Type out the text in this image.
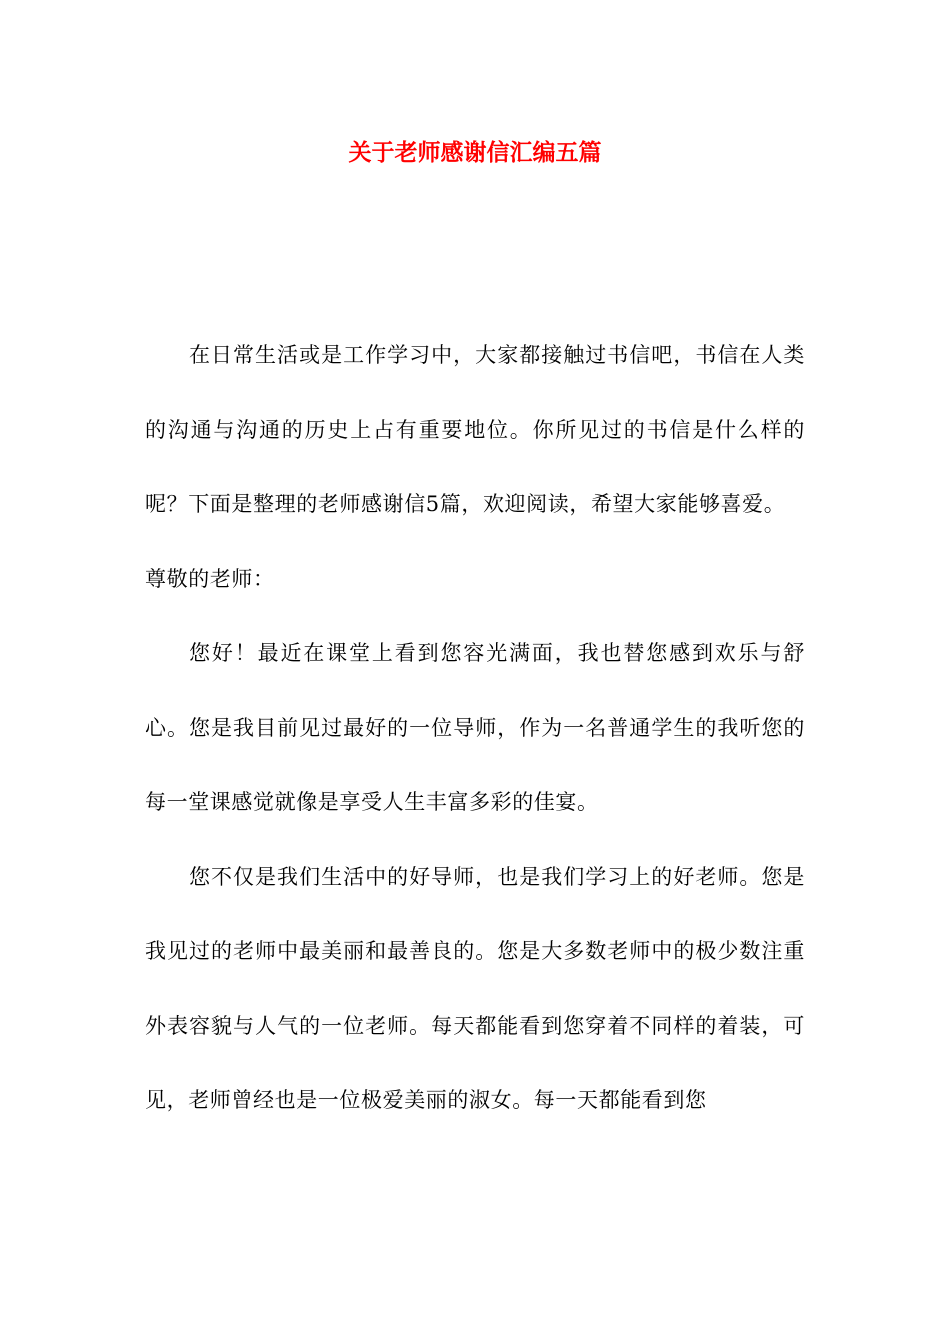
关于老师感谢信汇编五篇

在日常生活或是工作学习中，大家都接触过书信吧，书信在人类的沟通与沟通的历史上占有重要地位。你所见过的书信是什么样的呢？下面是整理的老师感谢信5篇，欢迎阅读，希望大家能够喜爱。

尊敬的老师：

您好！最近在课堂上看到您容光满面，我也替您感到欢乐与舒心。您是我目前见过最好的一位导师，作为一名普通学生的我听您的每一堂课感觉就像是享受人生丰富多彩的佳宴。

您不仅是我们生活中的好导师，也是我们学习上的好老师。您是我见过的老师中最美丽和最善良的。您是大多数老师中的极少数注重外表容貌与人气的一位老师。每天都能看到您穿着不同样的着装，可见，老师曾经也是一位极爱美丽的淑女。每一天都能看到您
